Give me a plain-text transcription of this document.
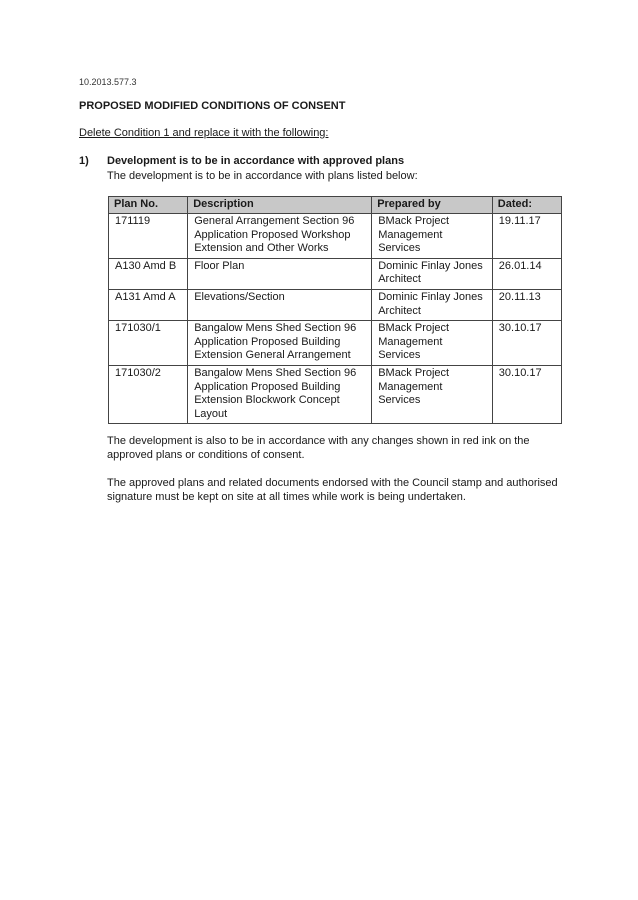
10.2013.577.3
PROPOSED MODIFIED CONDITIONS OF CONSENT
Delete Condition 1 and replace it with the following:
1) Development is to be in accordance with approved plans
The development is to be in accordance with plans listed below:
Plan No.	Description	Prepared by	Dated:
171119	General Arrangement Section 96 Application Proposed Workshop Extension and Other Works	BMack Project Management Services	19.11.17
A130 Amd B	Floor Plan	Dominic Finlay Jones Architect	26.01.14
A131 Amd A	Elevations/Section	Dominic Finlay Jones Architect	20.11.13
171030/1	Bangalow Mens Shed Section 96 Application Proposed Building Extension General Arrangement	BMack Project Management Services	30.10.17
171030/2	Bangalow Mens Shed Section 96 Application Proposed Building Extension Blockwork Concept Layout	BMack Project Management Services	30.10.17
The development is also to be in accordance with any changes shown in red ink on the approved plans or conditions of consent.
The approved plans and related documents endorsed with the Council stamp and authorised signature must be kept on site at all times while work is being undertaken.
